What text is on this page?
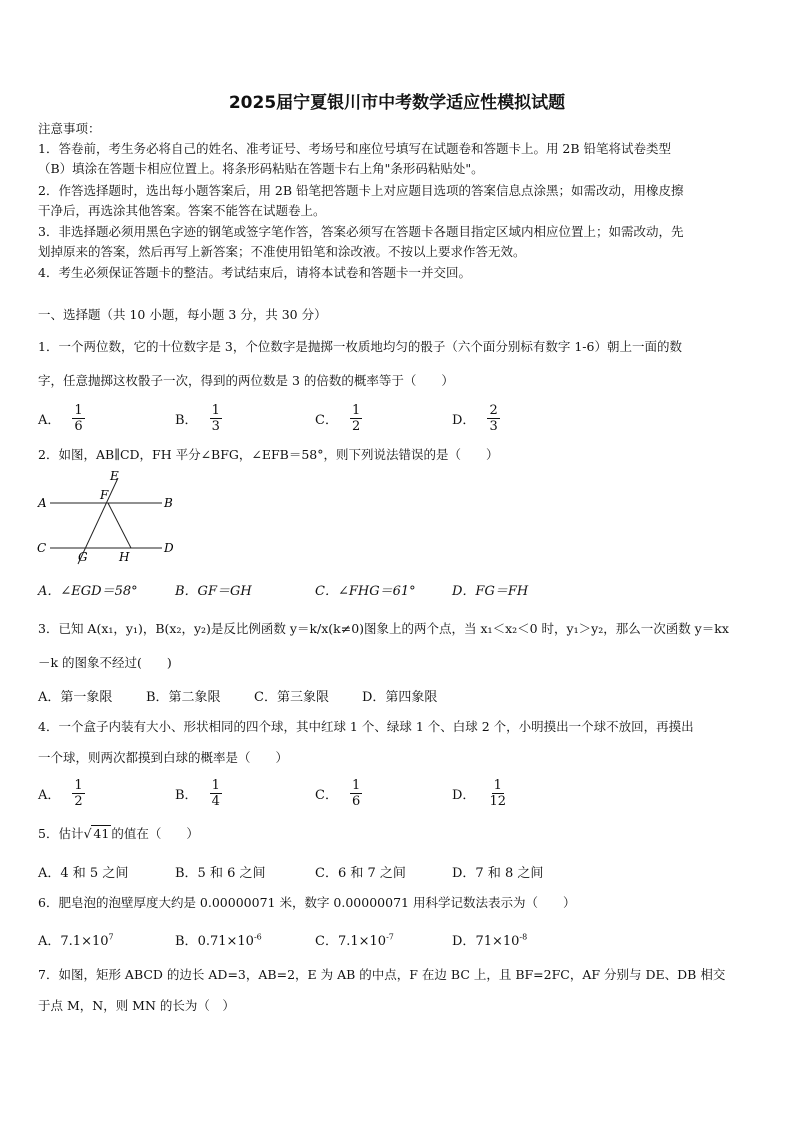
2025届宁夏银川市中考数学适应性模拟试题
注意事项：
1．答卷前，考生务必将自己的姓名、准考证号、考场号和座位号填写在试题卷和答题卡上。用 2B 铅笔将试卷类型
（B）填涂在答题卡相应位置上。将条形码粘贴在答题卡右上角"条形码粘贴处"。
2．作答选择题时，选出每小题答案后，用 2B 铅笔把答题卡上对应题目选项的答案信息点涂黑；如需改动，用橡皮擦
干净后，再选涂其他答案。答案不能答在试题卷上。
3．非选择题必须用黑色字迹的钢笔或签字笔作答，答案必须写在答题卡各题目指定区域内相应位置上；如需改动，先
划掉原来的答案，然后再写上新答案；不准使用铅笔和涂改液。不按以上要求作答无效。
4．考生必须保证答题卡的整洁。考试结束后，请将本试卷和答题卡一并交回。
一、选择题（共 10 小题，每小题 3 分，共 30 分）
1．一个两位数，它的十位数字是 3，个位数字是抛掷一枚质地均匀的骰子（六个面分别标有数字 1-6）朝上一面的数
字，任意抛掷这枚骰子一次，得到的两位数是 3 的倍数的概率等于（　　）
A． $\frac{1}{6}$	B． $\frac{1}{3}$	C． $\frac{1}{2}$	D． $\frac{2}{3}$
2．如图，AB∥CD，FH 平分∠BFG，∠EFB＝58°，则下列说法错误的是（　　）
E
F
A	B
C	D
G	H
A．∠EGD＝58°	B．GF＝GH	C．∠FHG＝61°	D．FG＝FH
3．已知 A(x₁，y₁)，B(x₂，y₂)是反比例函数 y＝k/x(k≠0)图象上的两个点，当 x₁＜x₂＜0 时，y₁＞y₂，那么一次函数 y＝kx
－k 的图象不经过(　　)
A．第一象限	B．第二象限	C．第三象限	D．第四象限
4．一个盒子内装有大小、形状相同的四个球，其中红球 1 个、绿球 1 个、白球 2 个，小明摸出一个球不放回，再摸出
一个球，则两次都摸到白球的概率是（　　）
A． $\frac{1}{2}$	B． $\frac{1}{4}$	C． $\frac{1}{6}$	D． $\frac{1}{12}$
5．估计√ 41 的值在（　　）
A．4 和 5 之间	B．5 和 6 之间	C．6 和 7 之间	D．7 和 8 之间
6．肥皂泡的泡壁厚度大约是 0.00000071 米，数字 0.00000071 用科学记数法表示为（　　）
A．$7.1\times 10^7$	B．$0.71\times 10^{-6}$	C．$7.1\times 10^{-7}$	D．$71\times 10^{-8}$
7．如图，矩形 ABCD 的边长 AD=3，AB=2，E 为 AB 的中点，F 在边 BC 上，且 BF=2FC，AF 分别与 DE、DB 相交
于点 M，N，则 MN 的长为（　）
